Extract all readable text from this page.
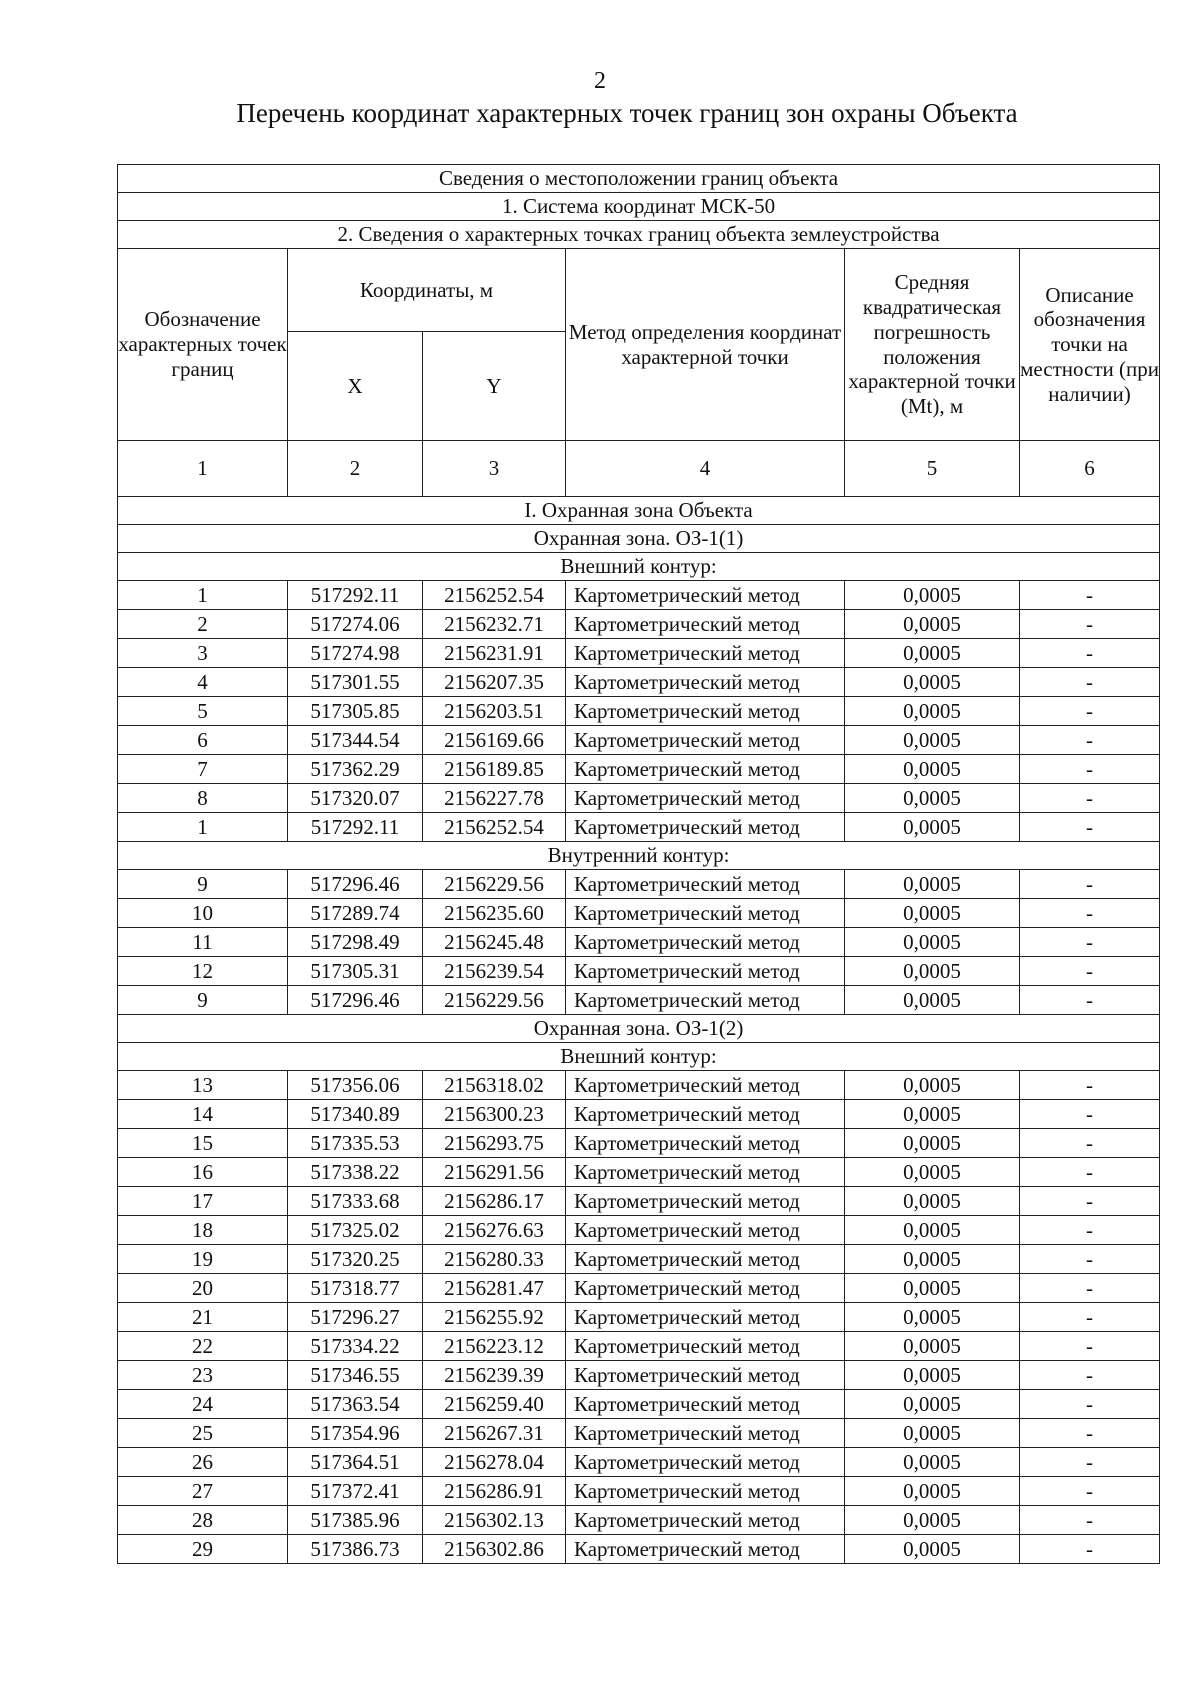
2
Перечень координат характерных точек границ зон охраны Объекта
Сведения о местоположении границ объекта					
1. Система координат МСК-50					
2. Сведения о характерных точках границ объекта землеустройства					
Обозначение характерных точек границ	Координаты, м		Метод определения координат характерной точки	Средняя квадратическая погрешность положения характерной точки (Mt), м	Описание обозначения точки на местности (при наличии)
	X	Y			
1	2	3	4	5	6
I. Охранная зона Объекта					
Охранная зона. ОЗ-1(1)					
Внешний контур:					
1	517292.11	2156252.54	Картометрический метод	0,0005	-
2	517274.06	2156232.71	Картометрический метод	0,0005	-
3	517274.98	2156231.91	Картометрический метод	0,0005	-
4	517301.55	2156207.35	Картометрический метод	0,0005	-
5	517305.85	2156203.51	Картометрический метод	0,0005	-
6	517344.54	2156169.66	Картометрический метод	0,0005	-
7	517362.29	2156189.85	Картометрический метод	0,0005	-
8	517320.07	2156227.78	Картометрический метод	0,0005	-
1	517292.11	2156252.54	Картометрический метод	0,0005	-
Внутренний контур:					
9	517296.46	2156229.56	Картометрический метод	0,0005	-
10	517289.74	2156235.60	Картометрический метод	0,0005	-
11	517298.49	2156245.48	Картометрический метод	0,0005	-
12	517305.31	2156239.54	Картометрический метод	0,0005	-
9	517296.46	2156229.56	Картометрический метод	0,0005	-
Охранная зона. ОЗ-1(2)					
Внешний контур:					
13	517356.06	2156318.02	Картометрический метод	0,0005	-
14	517340.89	2156300.23	Картометрический метод	0,0005	-
15	517335.53	2156293.75	Картометрический метод	0,0005	-
16	517338.22	2156291.56	Картометрический метод	0,0005	-
17	517333.68	2156286.17	Картометрический метод	0,0005	-
18	517325.02	2156276.63	Картометрический метод	0,0005	-
19	517320.25	2156280.33	Картометрический метод	0,0005	-
20	517318.77	2156281.47	Картометрический метод	0,0005	-
21	517296.27	2156255.92	Картометрический метод	0,0005	-
22	517334.22	2156223.12	Картометрический метод	0,0005	-
23	517346.55	2156239.39	Картометрический метод	0,0005	-
24	517363.54	2156259.40	Картометрический метод	0,0005	-
25	517354.96	2156267.31	Картометрический метод	0,0005	-
26	517364.51	2156278.04	Картометрический метод	0,0005	-
27	517372.41	2156286.91	Картометрический метод	0,0005	-
28	517385.96	2156302.13	Картометрический метод	0,0005	-
29	517386.73	2156302.86	Картометрический метод	0,0005	-
